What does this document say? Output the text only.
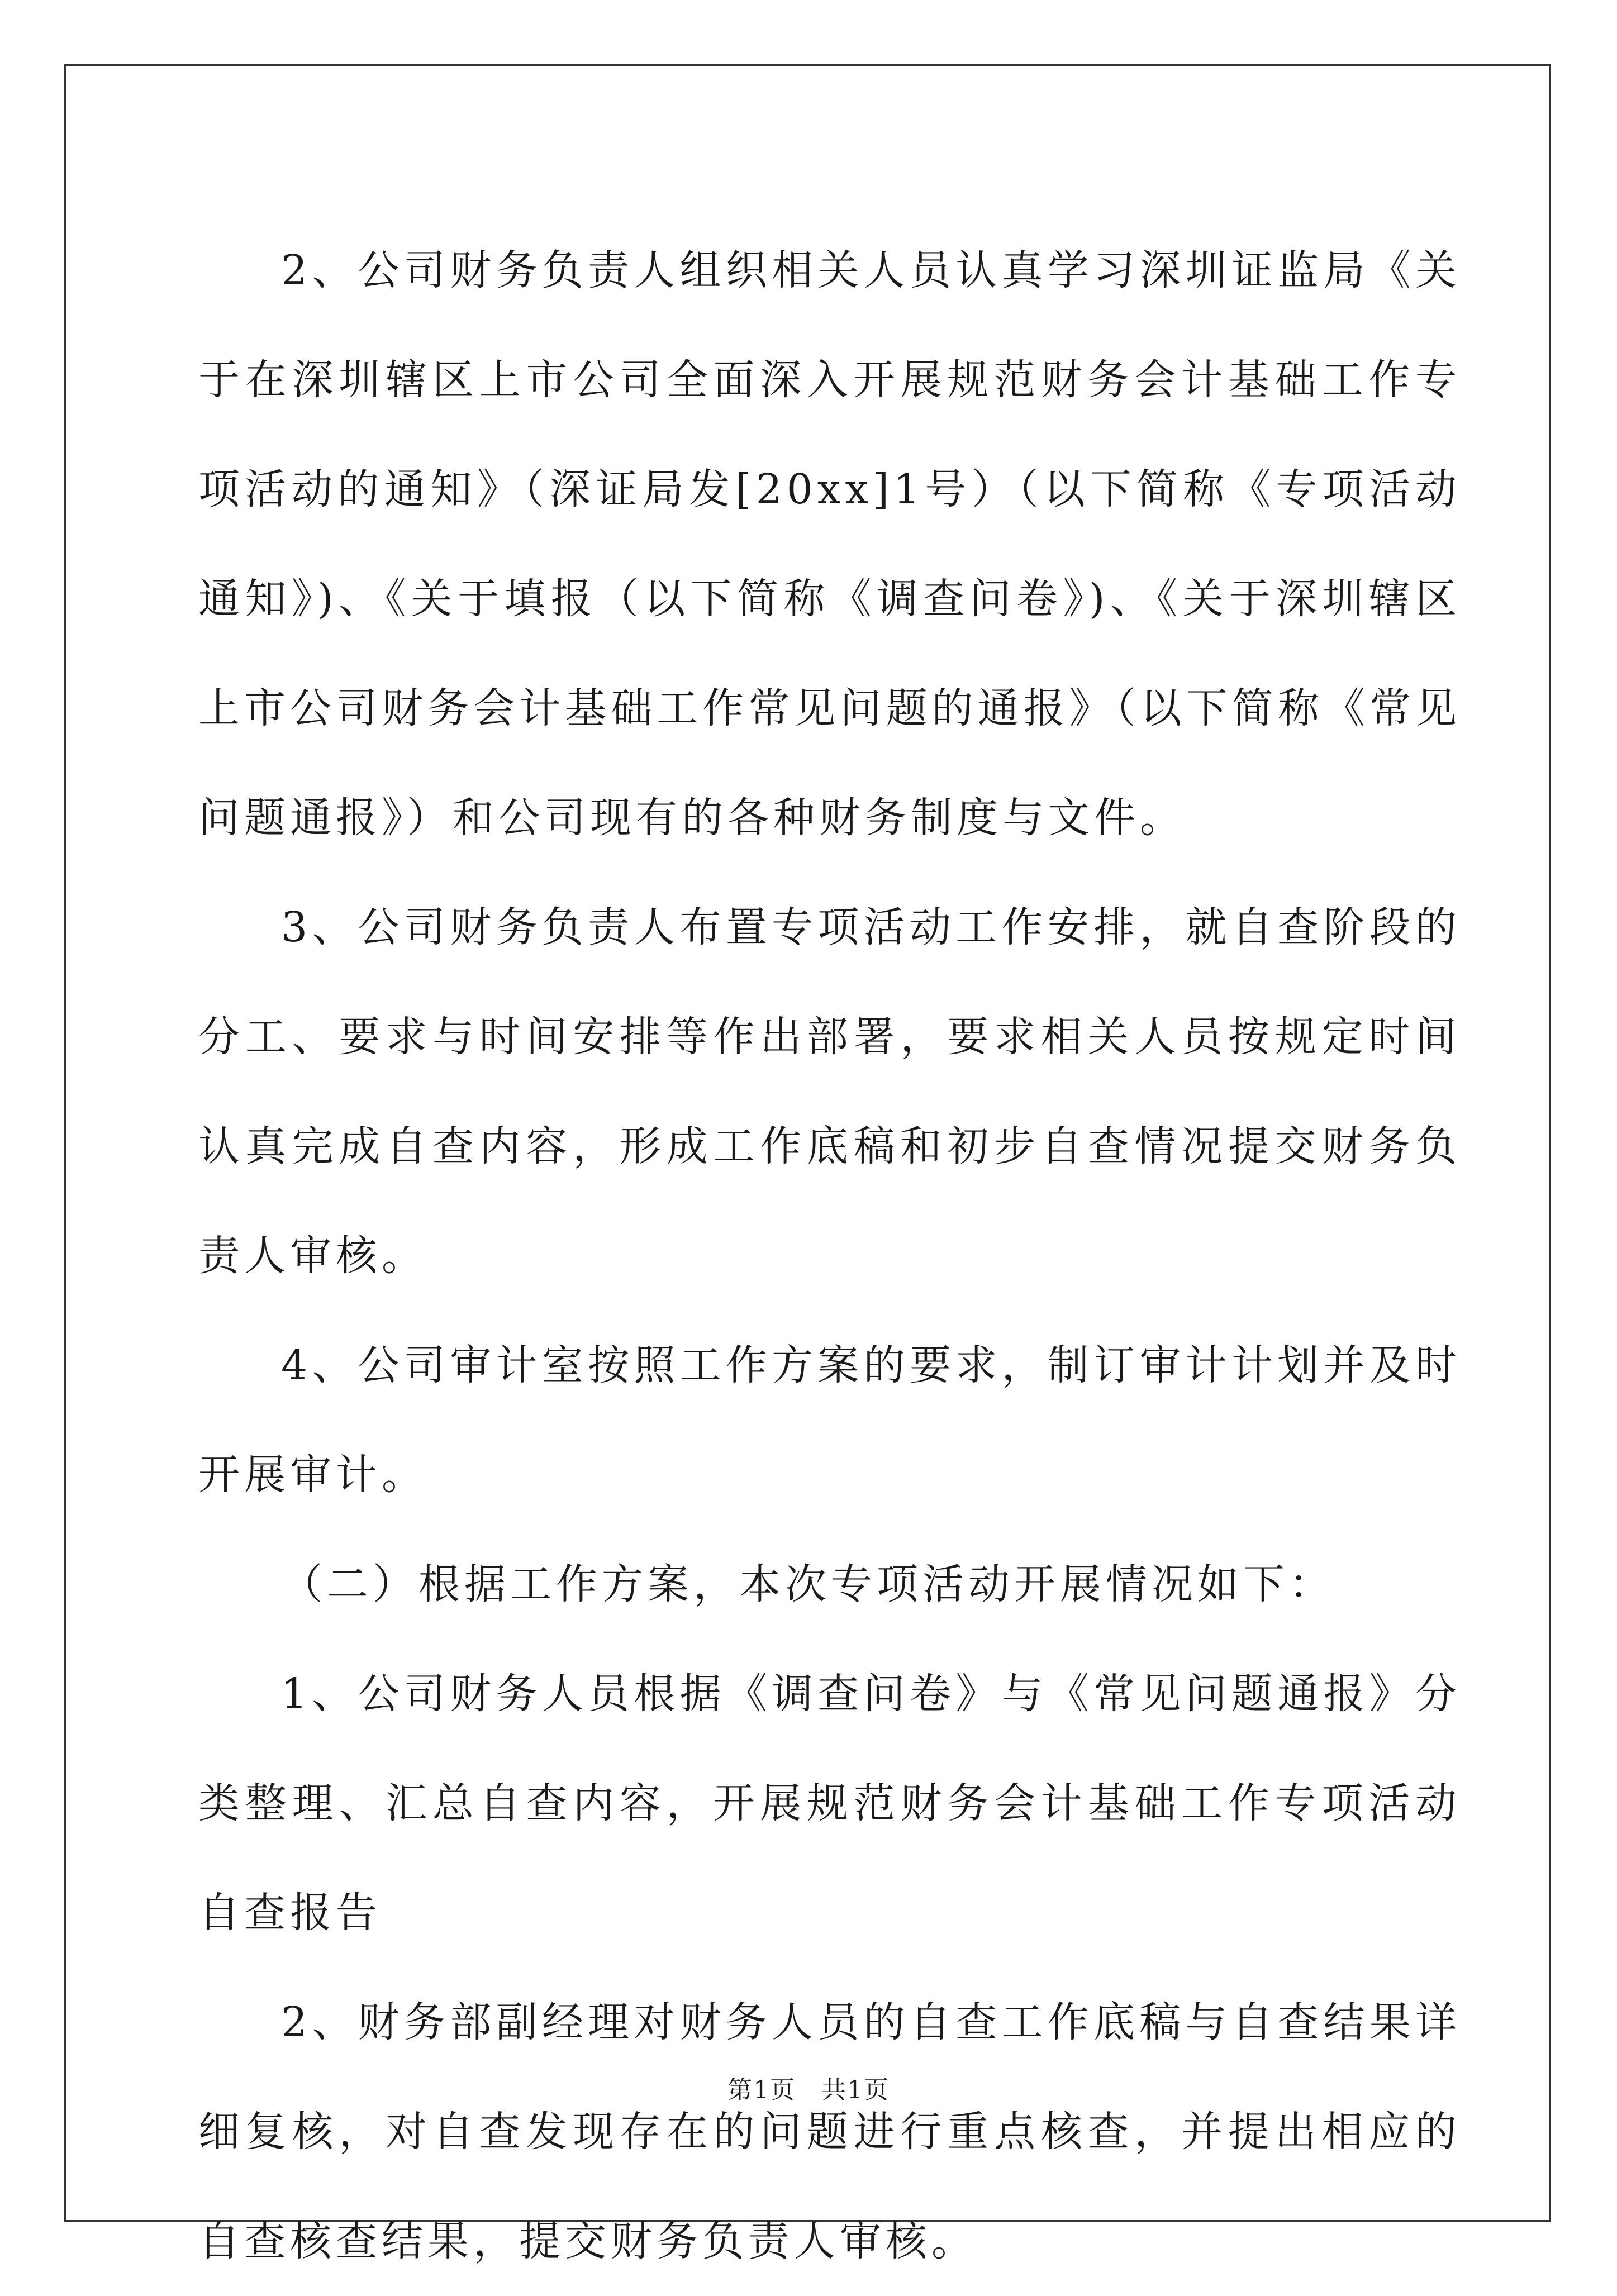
2、公司财务负责人组织相关人员认真学习深圳证监局《关于在深圳辖区上市公司全面深入开展规范财务会计基础工作专项活动的通知》（深证局发[20xx]1号）（以下简称《专项活动通知》)、《关于填报（以下简称《调查问卷》)、《关于深圳辖区上市公司财务会计基础工作常见问题的通报》（以下简称《常见问题通报》）和公司现有的各种财务制度与文件。

3、公司财务负责人布置专项活动工作安排，就自查阶段的分工、要求与时间安排等作出部署，要求相关人员按规定时间认真完成自查内容，形成工作底稿和初步自查情况提交财务负责人审核。

4、公司审计室按照工作方案的要求，制订审计计划并及时开展审计。

（二）根据工作方案，本次专项活动开展情况如下：

1、公司财务人员根据《调查问卷》与《常见问题通报》分类整理、汇总自查内容，开展规范财务会计基础工作专项活动自查报告

2、财务部副经理对财务人员的自查工作底稿与自查结果详细复核，对自查发现存在的问题进行重点核查，并提出相应的自查核查结果，提交财务负责人审核。

第1页　共1页
